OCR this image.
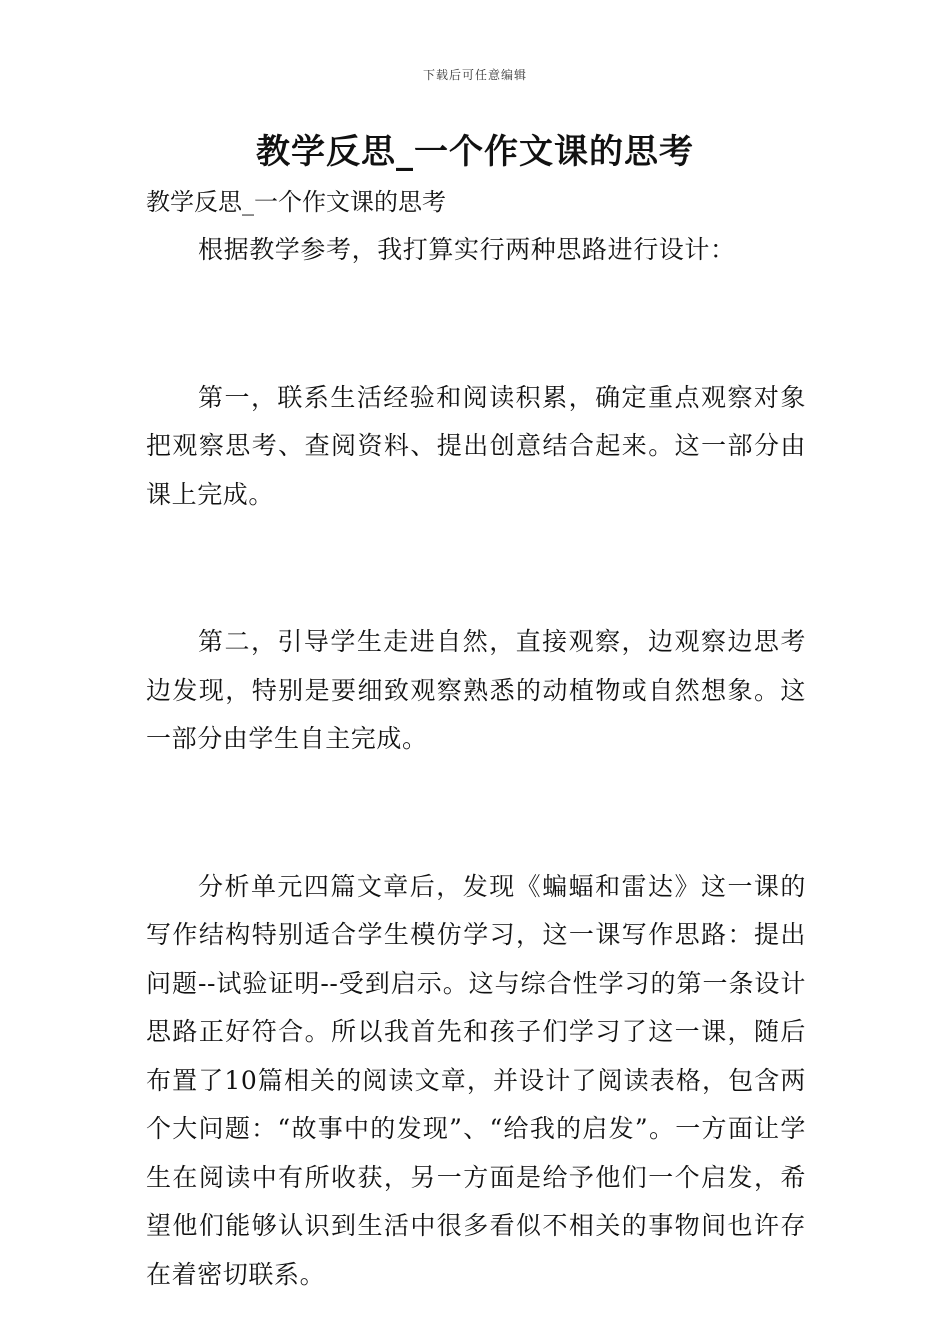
下载后可任意编辑
教学反思_一个作文课的思考
教学反思_一个作文课的思考

根据教学参考，我打算实行两种思路进行设计：

第一，联系生活经验和阅读积累，确定重点观察对象把观察思考、查阅资料、提出创意结合起来。这一部分由课上完成。

第二，引导学生走进自然，直接观察，边观察边思考边发现，特别是要细致观察熟悉的动植物或自然想象。这一部分由学生自主完成。

分析单元四篇文章后，发现《蝙蝠和雷达》这一课的写作结构特别适合学生模仿学习，这一课写作思路：提出问题--试验证明--受到启示。这与综合性学习的第一条设计思路正好符合。所以我首先和孩子们学习了这一课，随后布置了10篇相关的阅读文章，并设计了阅读表格，包含两个大问题：“故事中的发现”、“给我的启发”。一方面让学生在阅读中有所收获，另一方面是给予他们一个启发，希望他们能够认识到生活中很多看似不相关的事物间也许存在着密切联系。
